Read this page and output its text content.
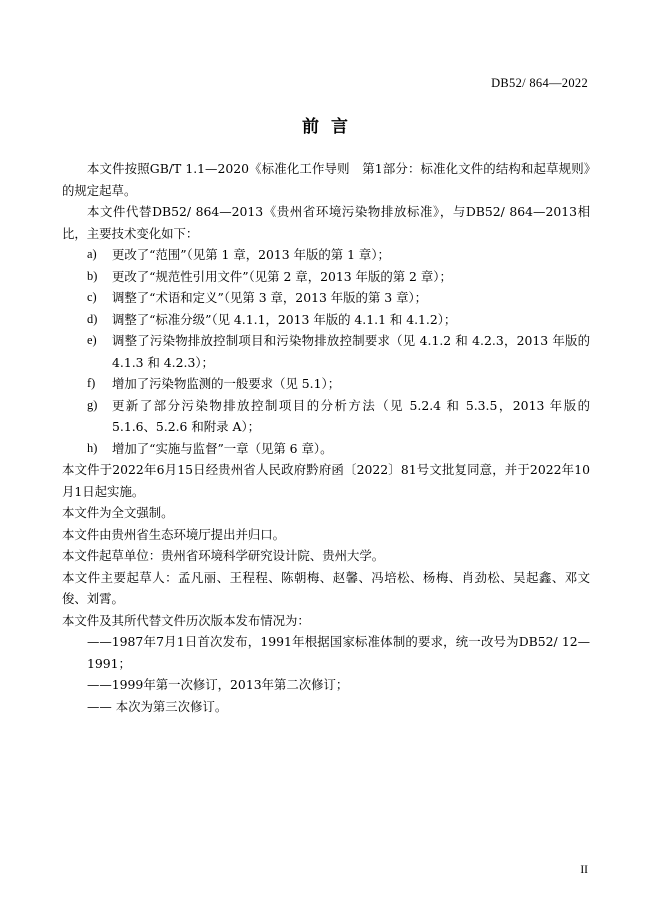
DB52/ 864—2022
前言

本文件按照GB/T 1.1—2020《标准化工作导则　第1部分：标准化文件的结构和起草规则》的规定起草。

本文件代替DB52/ 864—2013《贵州省环境污染物排放标准》，与DB52/ 864—2013相比，主要技术变化如下：

a)	更改了“范围”（见第 1 章，2013 年版的第 1 章）；
b)	更改了“规范性引用文件”（见第 2 章，2013 年版的第 2 章）；
c)	调整了“术语和定义”（见第 3 章，2013 年版的第 3 章）；
d)	调整了“标准分级”（见 4.1.1，2013 年版的 4.1.1 和 4.1.2）；
e)	调整了污染物排放控制项目和污染物排放控制要求（见 4.1.2 和 4.2.3，2013 年版的 4.1.3 和 4.2.3）；
f)	增加了污染物监测的一般要求（见 5.1）；
g)	更新了部分污染物排放控制项目的分析方法（见 5.2.4 和 5.3.5，2013 年版的 5.1.6、5.2.6 和附录 A）；
h)	增加了“实施与监督”一章（见第 6 章）。

本文件于2022年6月15日经贵州省人民政府黔府函〔2022〕81号文批复同意，并于2022年10月1日起实施。

本文件为全文强制。

本文件由贵州省生态环境厅提出并归口。

本文件起草单位：贵州省环境科学研究设计院、贵州大学。

本文件主要起草人：孟凡丽、王程程、陈朝梅、赵馨、冯培松、杨梅、肖劲松、吴起鑫、邓文俊、刘霄。

本文件及其所代替文件历次版本发布情况为：

——1987年7月1日首次发布，1991年根据国家标准体制的要求，统一改号为DB52/ 12—1991；
——1999年第一次修订，2013年第二次修订；
—— 本次为第三次修订。
II
